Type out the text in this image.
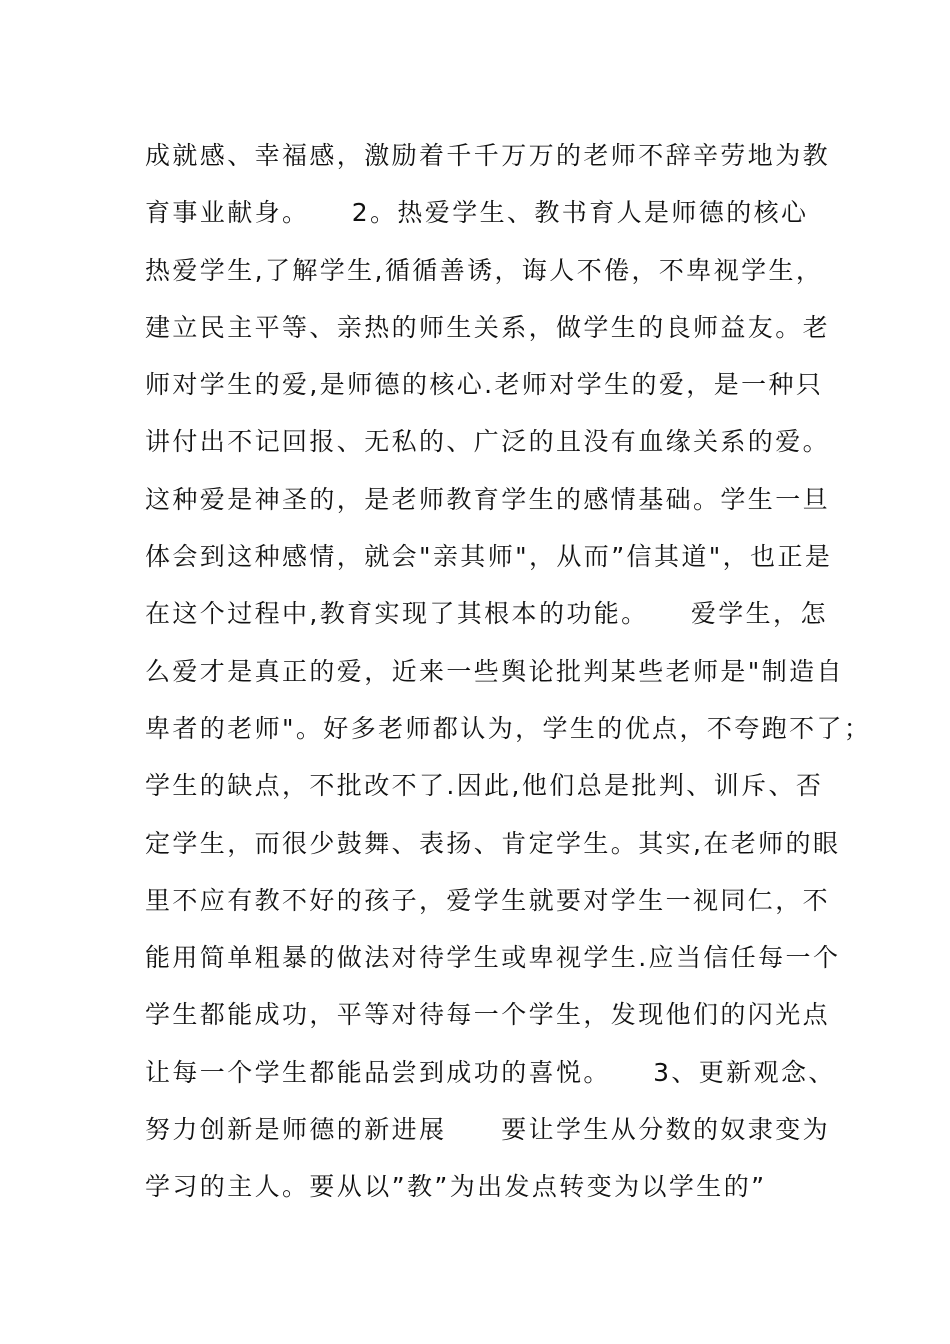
成就感、幸福感，激励着千千万万的老师不辞辛劳地为教
育事业献身。　　2。热爱学生、教书育人是师德的核心
热爱学生,了解学生,循循善诱，诲人不倦，不卑视学生，
建立民主平等、亲热的师生关系，做学生的良师益友。老
师对学生的爱,是师德的核心.老师对学生的爱，是一种只
讲付出不记回报、无私的、广泛的且没有血缘关系的爱。
这种爱是神圣的，是老师教育学生的感情基础。学生一旦
体会到这种感情，就会"亲其师"，从而”信其道"，也正是
在这个过程中,教育实现了其根本的功能。　　爱学生，怎
么爱才是真正的爱，近来一些舆论批判某些老师是"制造自
卑者的老师"。好多老师都认为，学生的优点，不夸跑不了；
学生的缺点，不批改不了.因此,他们总是批判、训斥、否
定学生，而很少鼓舞、表扬、肯定学生。其实,在老师的眼
里不应有教不好的孩子，爱学生就要对学生一视同仁，不
能用简单粗暴的做法对待学生或卑视学生.应当信任每一个
学生都能成功，平等对待每一个学生，发现他们的闪光点
让每一个学生都能品尝到成功的喜悦。　　3、更新观念、
努力创新是师德的新进展　　要让学生从分数的奴隶变为
学习的主人。要从以”教”为出发点转变为以学生的”
